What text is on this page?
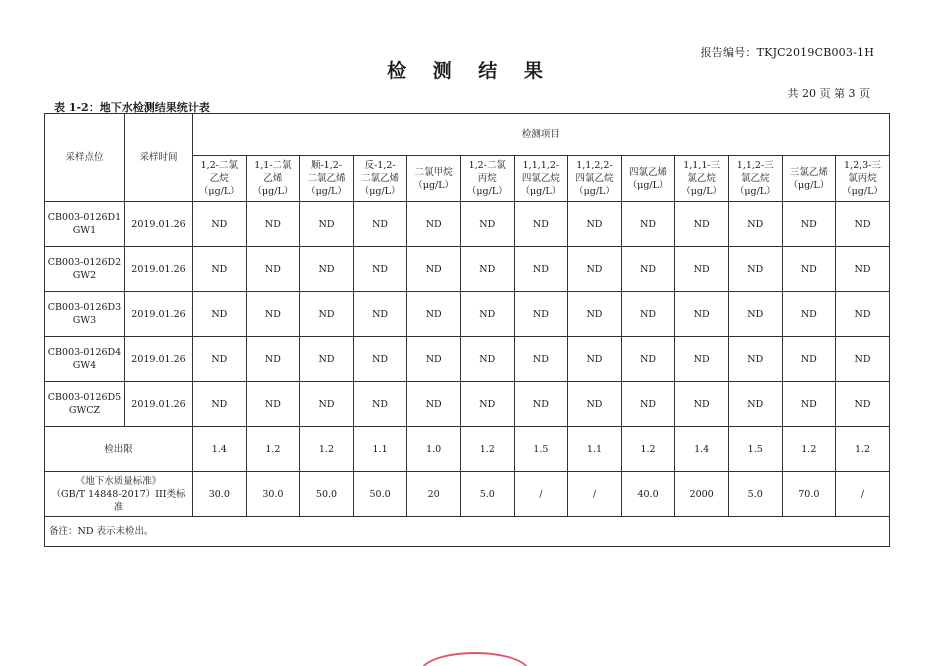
报告编号：TKJC2019CB003-1H
检 测 结 果
共 20 页 第 3 页
表 1-2：地下水检测结果统计表
采样点位	采样时间	检测项目												

		1,2-二氯
乙烷
（μg/L）	1,1-二氯
乙烯
（μg/L）	顺-1,2-
二氯乙烯
（μg/L）	反-1,2-
二氯乙烯
（μg/L）	二氯甲烷
（μg/L）	1,2-二氯
丙烷
（μg/L）	1,1,1,2-
四氯乙烷
（μg/L）	1,1,2,2-
四氯乙烷
（μg/L）	四氯乙烯
（μg/L）	1,1,1-三
氯乙烷
（μg/L）	1,1,2-三
氯乙烷
（μg/L）	三氯乙烯
（μg/L）	1,2,3-三
氯丙烷
（μg/L）

CB003-0126D1
GW1	2019.01.26	ND	ND	ND	ND	ND	ND	ND	ND	ND	ND	ND	ND	ND

CB003-0126D2
GW2	2019.01.26	ND	ND	ND	ND	ND	ND	ND	ND	ND	ND	ND	ND	ND

CB003-0126D3
GW3	2019.01.26	ND	ND	ND	ND	ND	ND	ND	ND	ND	ND	ND	ND	ND

CB003-0126D4
GW4	2019.01.26	ND	ND	ND	ND	ND	ND	ND	ND	ND	ND	ND	ND	ND

CB003-0126D5
GWCZ	2019.01.26	ND	ND	ND	ND	ND	ND	ND	ND	ND	ND	ND	ND	ND
检出限		1.4	1.2	1.2	1.1	1.0	1.2	1.5	1.1	1.2	1.4	1.5	1.2	1.2

《地下水质量标准》
（GB/T 14848-2017）III类标准		30.0	30.0	50.0	50.0	20	5.0	/	/	40.0	2000	5.0	70.0	/
备注：ND 表示未检出。														
